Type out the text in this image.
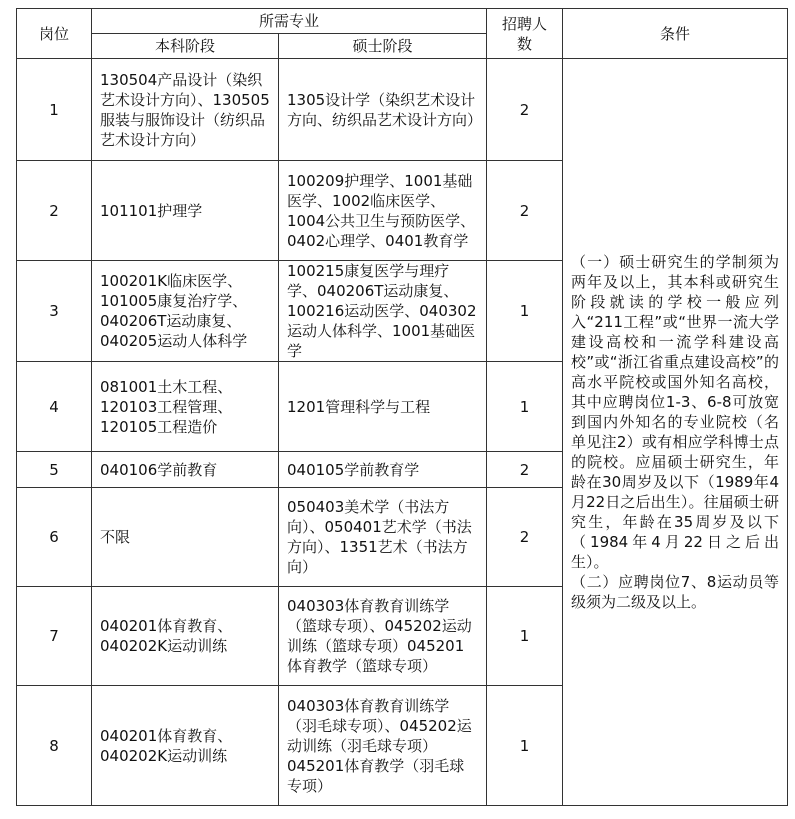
岗位	所需专业		招聘人数	条件
	本科阶段	硕士阶段		
1	130504产品设计（染织艺术设计方向）、130505服装与服饰设计（纺织品艺术设计方向）	1305设计学（染织艺术设计方向、纺织品艺术设计方向）	2	（一）硕士研究生的学制须为两年及以上，其本科或研究生阶段就读的学校一般应列入“211工程”或“世界一流大学建设高校和一流学科建设高校”或“浙江省重点建设高校”的高水平院校或国外知名高校，其中应聘岗位1-3、6-8可放宽到国内外知名的专业院校（名单见注2）或有相应学科博士点的院校。应届硕士研究生，年龄在30周岁及以下（1989年4月22日之后出生）。往届硕士研究生，年龄在35周岁及以下（1984年4月22日之后出生）。
（二）应聘岗位7、8运动员等级须为二级及以上。

2	101101护理学	100209护理学、1001基础医学、1002临床医学、1004公共卫生与预防医学、0402心理学、0401教育学	2	
3	100201K临床医学、101005康复治疗学、040206T运动康复、040205运动人体科学	100215康复医学与理疗学、040206T运动康复、100216运动医学、040302运动人体科学、1001基础医学	1	
4	081001土木工程、120103工程管理、120105工程造价	1201管理科学与工程	1	
5	040106学前教育	040105学前教育学	2	
6	不限	050403美术学（书法方向）、050401艺术学（书法方向）、1351艺术（书法方向）	2	
7	040201体育教育、040202K运动训练	040303体育教育训练学（篮球专项）、045202运动训练（篮球专项）045201体育教学（篮球专项）	1	
8	040201体育教育、040202K运动训练	040303体育教育训练学（羽毛球专项）、045202运动训练（羽毛球专项）045201体育教学（羽毛球专项）	1	
